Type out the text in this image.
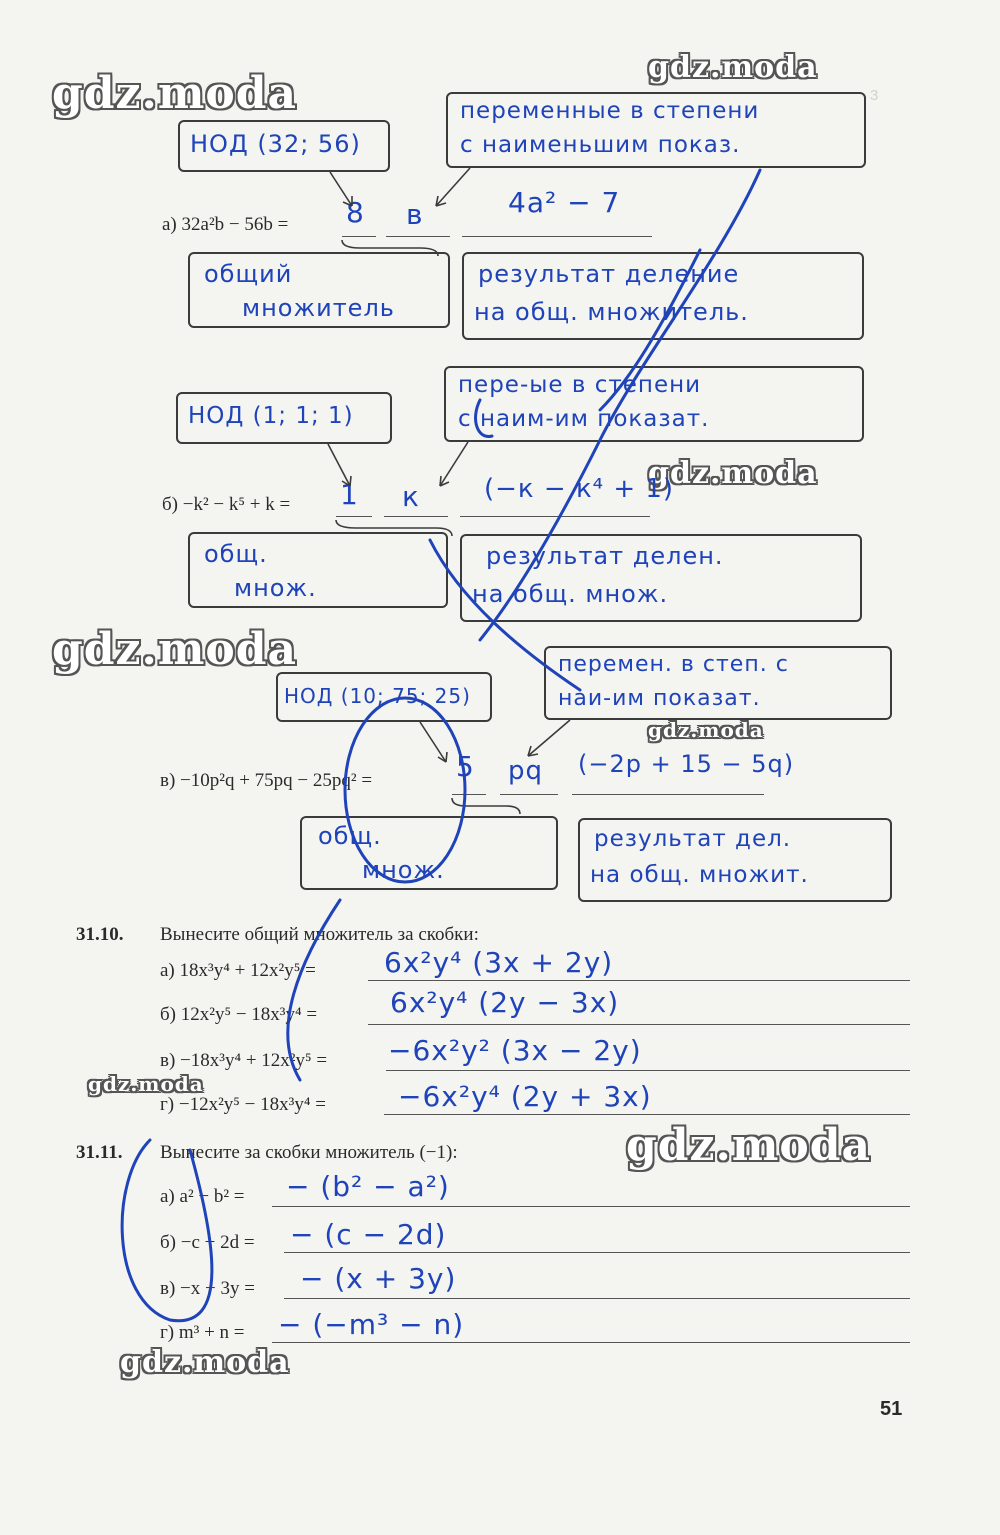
gdz.moda
gdz.moda
gdz.moda
gdz.moda
gdz.moda
gdz.moda
gdz.moda
gdz.moda
НОД (32; 56)
переменные в степени
с наименьшим показ.
а) 32a²b − 56b = 8 в	4a² − 7
общий
множитель
результат деление
на общ. множитель.
НОД (1; 1; 1)
пере-ые в степени
с наим-им показат.
б) −k² − k⁵ + k = 1 к (−к − к⁴ + 1)
общ.
множ.
результат делен.
на общ. множ.
НОД (10; 75; 25)
перемен. в степ. с
наи-им показат.
в) −10p²q + 75pq − 25pq² =	5 pq (−2p + 15 − 5q)
общ.
множ.
результат дел.
на общ. множит.
31.10. Вынесите общий множитель за скобки:
а) 18x³y⁴ + 12x²y⁵ = 6x²y⁴ (3x + 2y)
б) 12x²y⁵ − 18x³y⁴ =	6x²y⁴ (2y − 3x)
в) −18x³y⁴ + 12x²y⁵ = −6x²y² (3x − 2y)
г) −12x²y⁵ − 18x³y⁴ =	−6x²y⁴ (2y + 3x)
31.11. Вынесите за скобки множитель (−1):
а) a² − b² = − (b² − a²)
б) −c + 2d = − (c − 2d)
в) −x − 3y = − (x + 3y)
г) m³ + n = − (−m³ − n)
51
3
